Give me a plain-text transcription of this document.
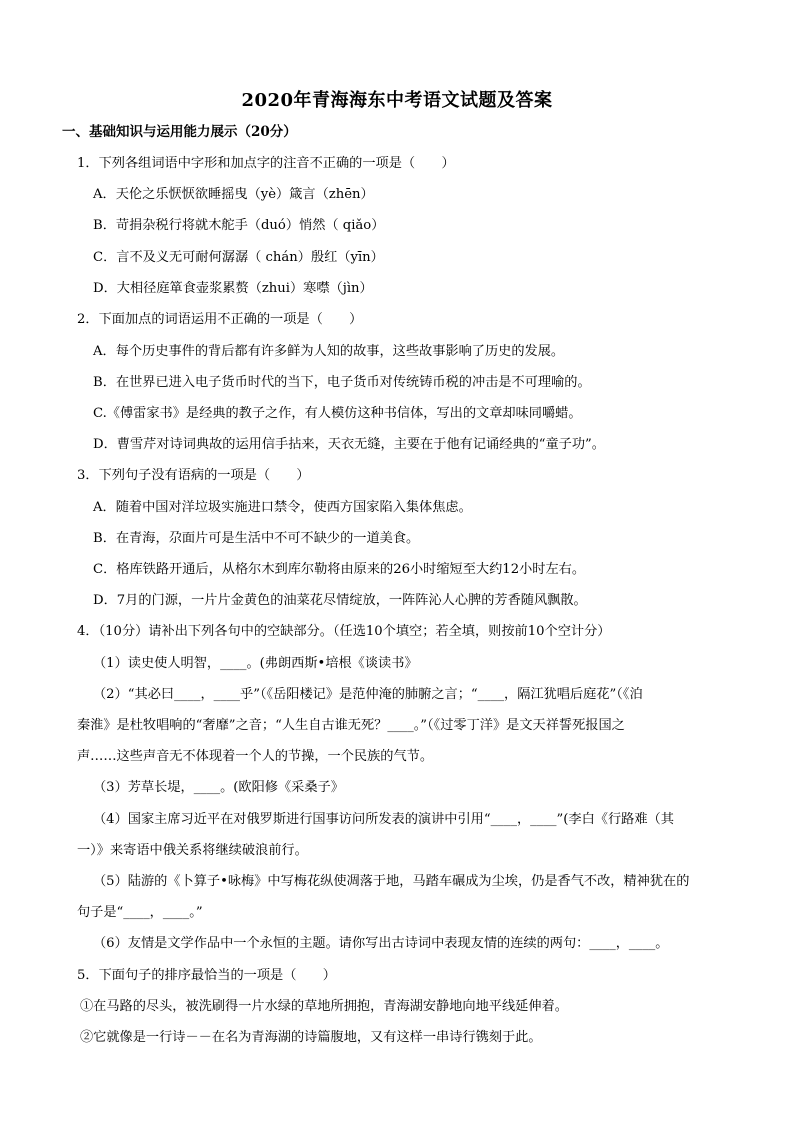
2020年青海海东中考语文试题及答案
一、基础知识与运用能力展示（20分）
1．下列各组词语中字形和加点字的注音不正确的一项是（　　）
A．天伦之乐恹恹欲睡摇曳（yè）箴言（zhēn）
B．苛捐杂税行将就木舵手（duó）悄然（ qiǎo）
C．言不及义无可耐何潺潺（ chán）殷红（yīn）
D．大相径庭箪食壶浆累赘（zhui）寒噤（jìn）
2．下面加点的词语运用不正确的一项是（　　）
A．每个历史事件的背后都有许多鲜为人知的故事，这些故事影响了历史的发展。
B．在世界已进入电子货币时代的当下，电子货币对传统铸币税的冲击是不可理喻的。
C.《傅雷家书》是经典的教子之作，有人模仿这种书信体，写出的文章却味同嚼蜡。
D．曹雪芹对诗词典故的运用信手拈来，天衣无缝，主要在于他有记诵经典的“童子功”。
3．下列句子没有语病的一项是（　　）
A．随着中国对洋垃圾实施进口禁令，使西方国家陷入集体焦虑。
B．在青海，尕面片可是生活中不可不缺少的一道美食。
C．格库铁路开通后，从格尔木到库尔勒将由原来的26小时缩短至大约12小时左右。
D．7月的门源，一片片金黄色的油菜花尽情绽放，一阵阵沁人心脾的芳香随风飘散。
4．（10分）请补出下列各句中的空缺部分。（任选10个填空；若全填，则按前10个空计分）
（1）读史使人明智，____。(弗朗西斯•培根《谈读书》
（2）“其必曰____，____乎”（《岳阳楼记》是范仲淹的肺腑之言；“____，隔江犹唱后庭花”（《泊
秦淮》是杜牧唱响的“奢靡”之音；“人生自古谁无死？____。”（《过零丁洋》是文天祥誓死报国之
声……这些声音无不体现着一个人的节操，一个民族的气节。
（3）芳草长堤，____。(欧阳修《采桑子》
（4）国家主席习近平在对俄罗斯进行国事访问所发表的演讲中引用“____，____”(李白《行路难（其
一）》来寄语中俄关系将继续破浪前行。
（5）陆游的《卜算子•咏梅》中写梅花纵使凋落于地，马踏车碾成为尘埃，仍是香气不改，精神犹在的
句子是“____，____。”
（6）友情是文学作品中一个永恒的主题。请你写出古诗词中表现友情的连续的两句：____，____。
5．下面句子的排序最恰当的一项是（　　）
①在马路的尽头，被洗刷得一片水绿的草地所拥抱，青海湖安静地向地平线延伸着。
②它就像是一行诗－－在名为青海湖的诗篇腹地，又有这样一串诗行镌刻于此。
